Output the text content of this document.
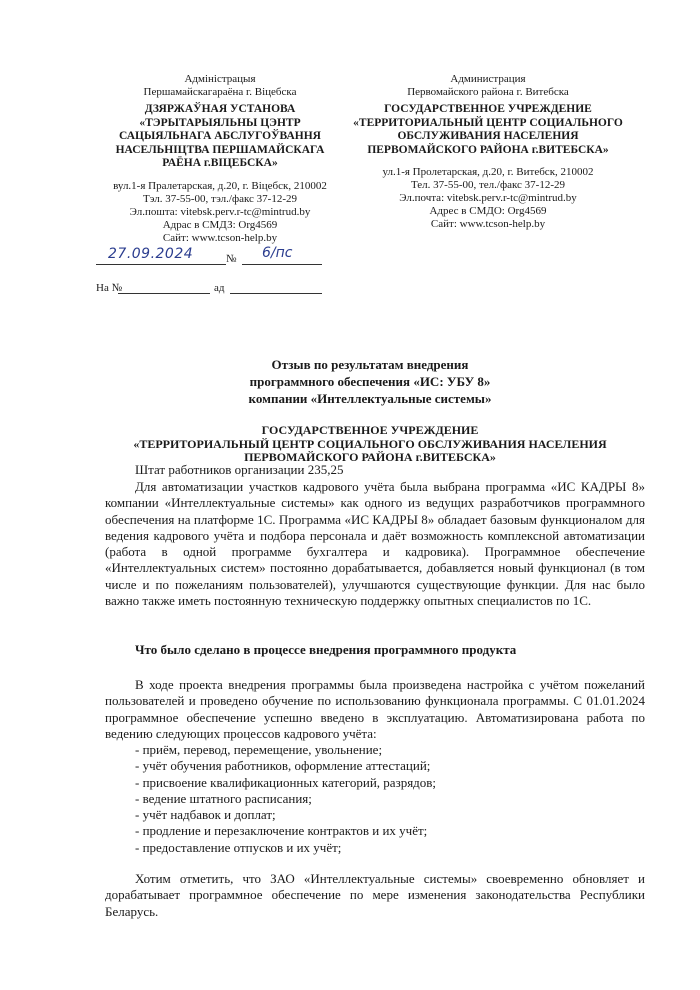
Адміністрацыя
Першамайскагараёна г. Віцебска
ДЗЯРЖАЎНАЯ УСТАНОВА
«ТЭРЫТАРЫЯЛЬНЫ ЦЭНТР
САЦЫЯЛЬНАГА АБСЛУГОЎВАННЯ
НАСЕЛЬНІЦТВА ПЕРШАМАЙСКАГА
РАЁНА г.ВІЦЕБСКА»
вул.1-я Пралетарская, д.20, г. Віцебск, 210002
Тэл. 37-55-00, тэл./факс 37-12-29
Эл.пошта: vitebsk.perv.r-tc@mintrud.by
Адрас в СМДЗ: Org4569
Сайт: www.tcson-help.by
Администрация
Первомайского района г. Витебска
ГОСУДАРСТВЕННОЕ УЧРЕЖДЕНИЕ
«ТЕРРИТОРИАЛЬНЫЙ ЦЕНТР СОЦИАЛЬНОГО
ОБСЛУЖИВАНИЯ НАСЕЛЕНИЯ
ПЕРВОМАЙСКОГО РАЙОНА г.ВИТЕБСКА»
ул.1-я Пролетарская, д.20, г. Витебск, 210002
Тел. 37-55-00, тел./факс 37-12-29
Эл.почта: vitebsk.perv.r-tc@mintrud.by
Адрес в СМДО: Org4569
Сайт: www.tcson-help.by
27.09.2024	№ 6/пс
На №	ад
Отзыв по результатам внедрения
программного обеспечения «ИС: УБУ 8»
компании «Интеллектуальные системы»
ГОСУДАРСТВЕННОЕ УЧРЕЖДЕНИЕ
«ТЕРРИТОРИАЛЬНЫЙ ЦЕНТР СОЦИАЛЬНОГО ОБСЛУЖИВАНИЯ НАСЕЛЕНИЯ
ПЕРВОМАЙСКОГО РАЙОНА г.ВИТЕБСКА»
Штат работников организации 235,25

Для автоматизации участков кадрового учёта была выбрана программа «ИС КАДРЫ 8» компании «Интеллектуальные системы» как одного из ведущих разработчиков программного обеспечения на платформе 1С. Программа «ИС КАДРЫ 8» обладает базовым функционалом для ведения кадрового учёта и подбора персонала и даёт возможность комплексной автоматизации (работа в одной программе бухгалтера и кадровика). Программное обеспечение «Интеллектуальных систем» постоянно дорабатывается, добавляется новый функционал (в том числе и по пожеланиям пользователей), улучшаются существующие функции. Для нас было важно также иметь постоянную техническую поддержку опытных специалистов по 1С.

Что было сделано в процессе внедрения программного продукта

В ходе проекта внедрения программы была произведена настройка с учётом пожеланий пользователей и проведено обучение по использованию функционала программы. С 01.01.2024 программное обеспечение успешно введено в эксплуатацию. Автоматизирована работа по ведению следующих процессов кадрового учёта:

- приём, перевод, перемещение, увольнение;
- учёт обучения работников, оформление аттестаций;
- присвоение квалификационных категорий, разрядов;
- ведение штатного расписания;
- учёт надбавок и доплат;
- продление и перезаключение контрактов и их учёт;
- предоставление отпусков и их учёт;

Хотим отметить, что ЗАО «Интеллектуальные системы» своевременно обновляет и дорабатывает программное обеспечение по мере изменения законодательства Республики Беларусь.
